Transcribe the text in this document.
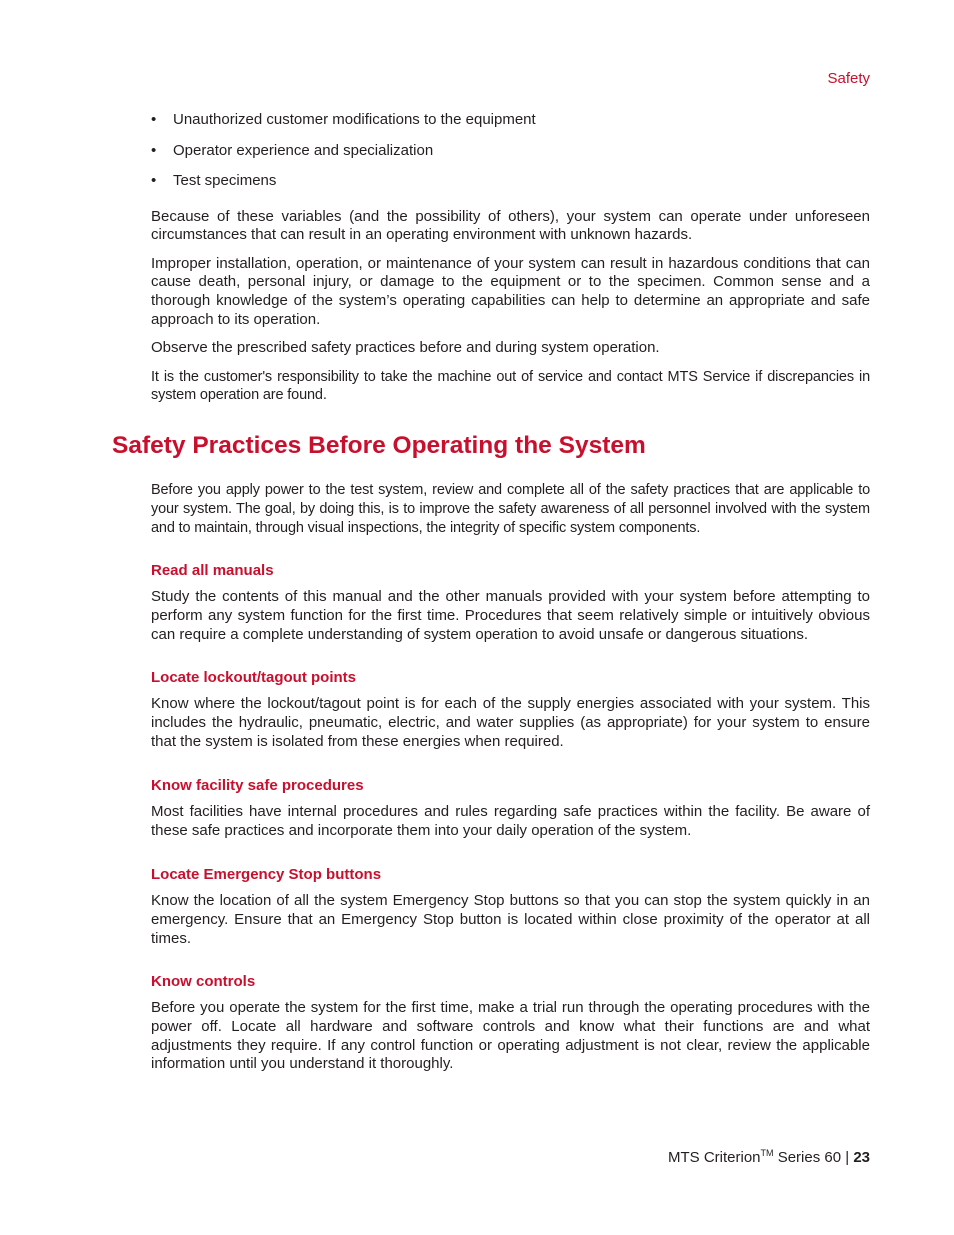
Safety
• Unauthorized customer modifications to the equipment
• Operator experience and specialization
• Test specimens

Because of these variables (and the possibility of others), your system can operate under unforeseen circumstances that can result in an operating environment with unknown hazards.

Improper installation, operation, or maintenance of your system can result in hazardous conditions that can cause death, personal injury, or damage to the equipment or to the specimen. Common sense and a thorough knowledge of the system’s operating capabilities can help to determine an appropriate and safe approach to its operation.

Observe the prescribed safety practices before and during system operation.

It is the customer's responsibility to take the machine out of service and contact MTS Service if discrepancies in system operation are found.

Safety Practices Before Operating the System

Before you apply power to the test system, review and complete all of the safety practices that are applicable to your system. The goal, by doing this, is to improve the safety awareness of all personnel involved with the system and to maintain, through visual inspections, the integrity of specific system components.

Read all manuals

Study the contents of this manual and the other manuals provided with your system before attempting to perform any system function for the first time. Procedures that seem relatively simple or intuitively obvious can require a complete understanding of system operation to avoid unsafe or dangerous situations.

Locate lockout/tagout points

Know where the lockout/tagout point is for each of the supply energies associated with your system. This includes the hydraulic, pneumatic, electric, and water supplies (as appropriate) for your system to ensure that the system is isolated from these energies when required.

Know facility safe procedures

Most facilities have internal procedures and rules regarding safe practices within the facility. Be aware of these safe practices and incorporate them into your daily operation of the system.

Locate Emergency Stop buttons

Know the location of all the system Emergency Stop buttons so that you can stop the system quickly in an emergency. Ensure that an Emergency Stop button is located within close proximity of the operator at all times.

Know controls

Before you operate the system for the first time, make a trial run through the operating procedures with the power off. Locate all hardware and software controls and know what their functions are and what adjustments they require. If any control function or operating adjustment is not clear, review the applicable information until you understand it thoroughly.

MTS Criterion™ Series 60 | 23
